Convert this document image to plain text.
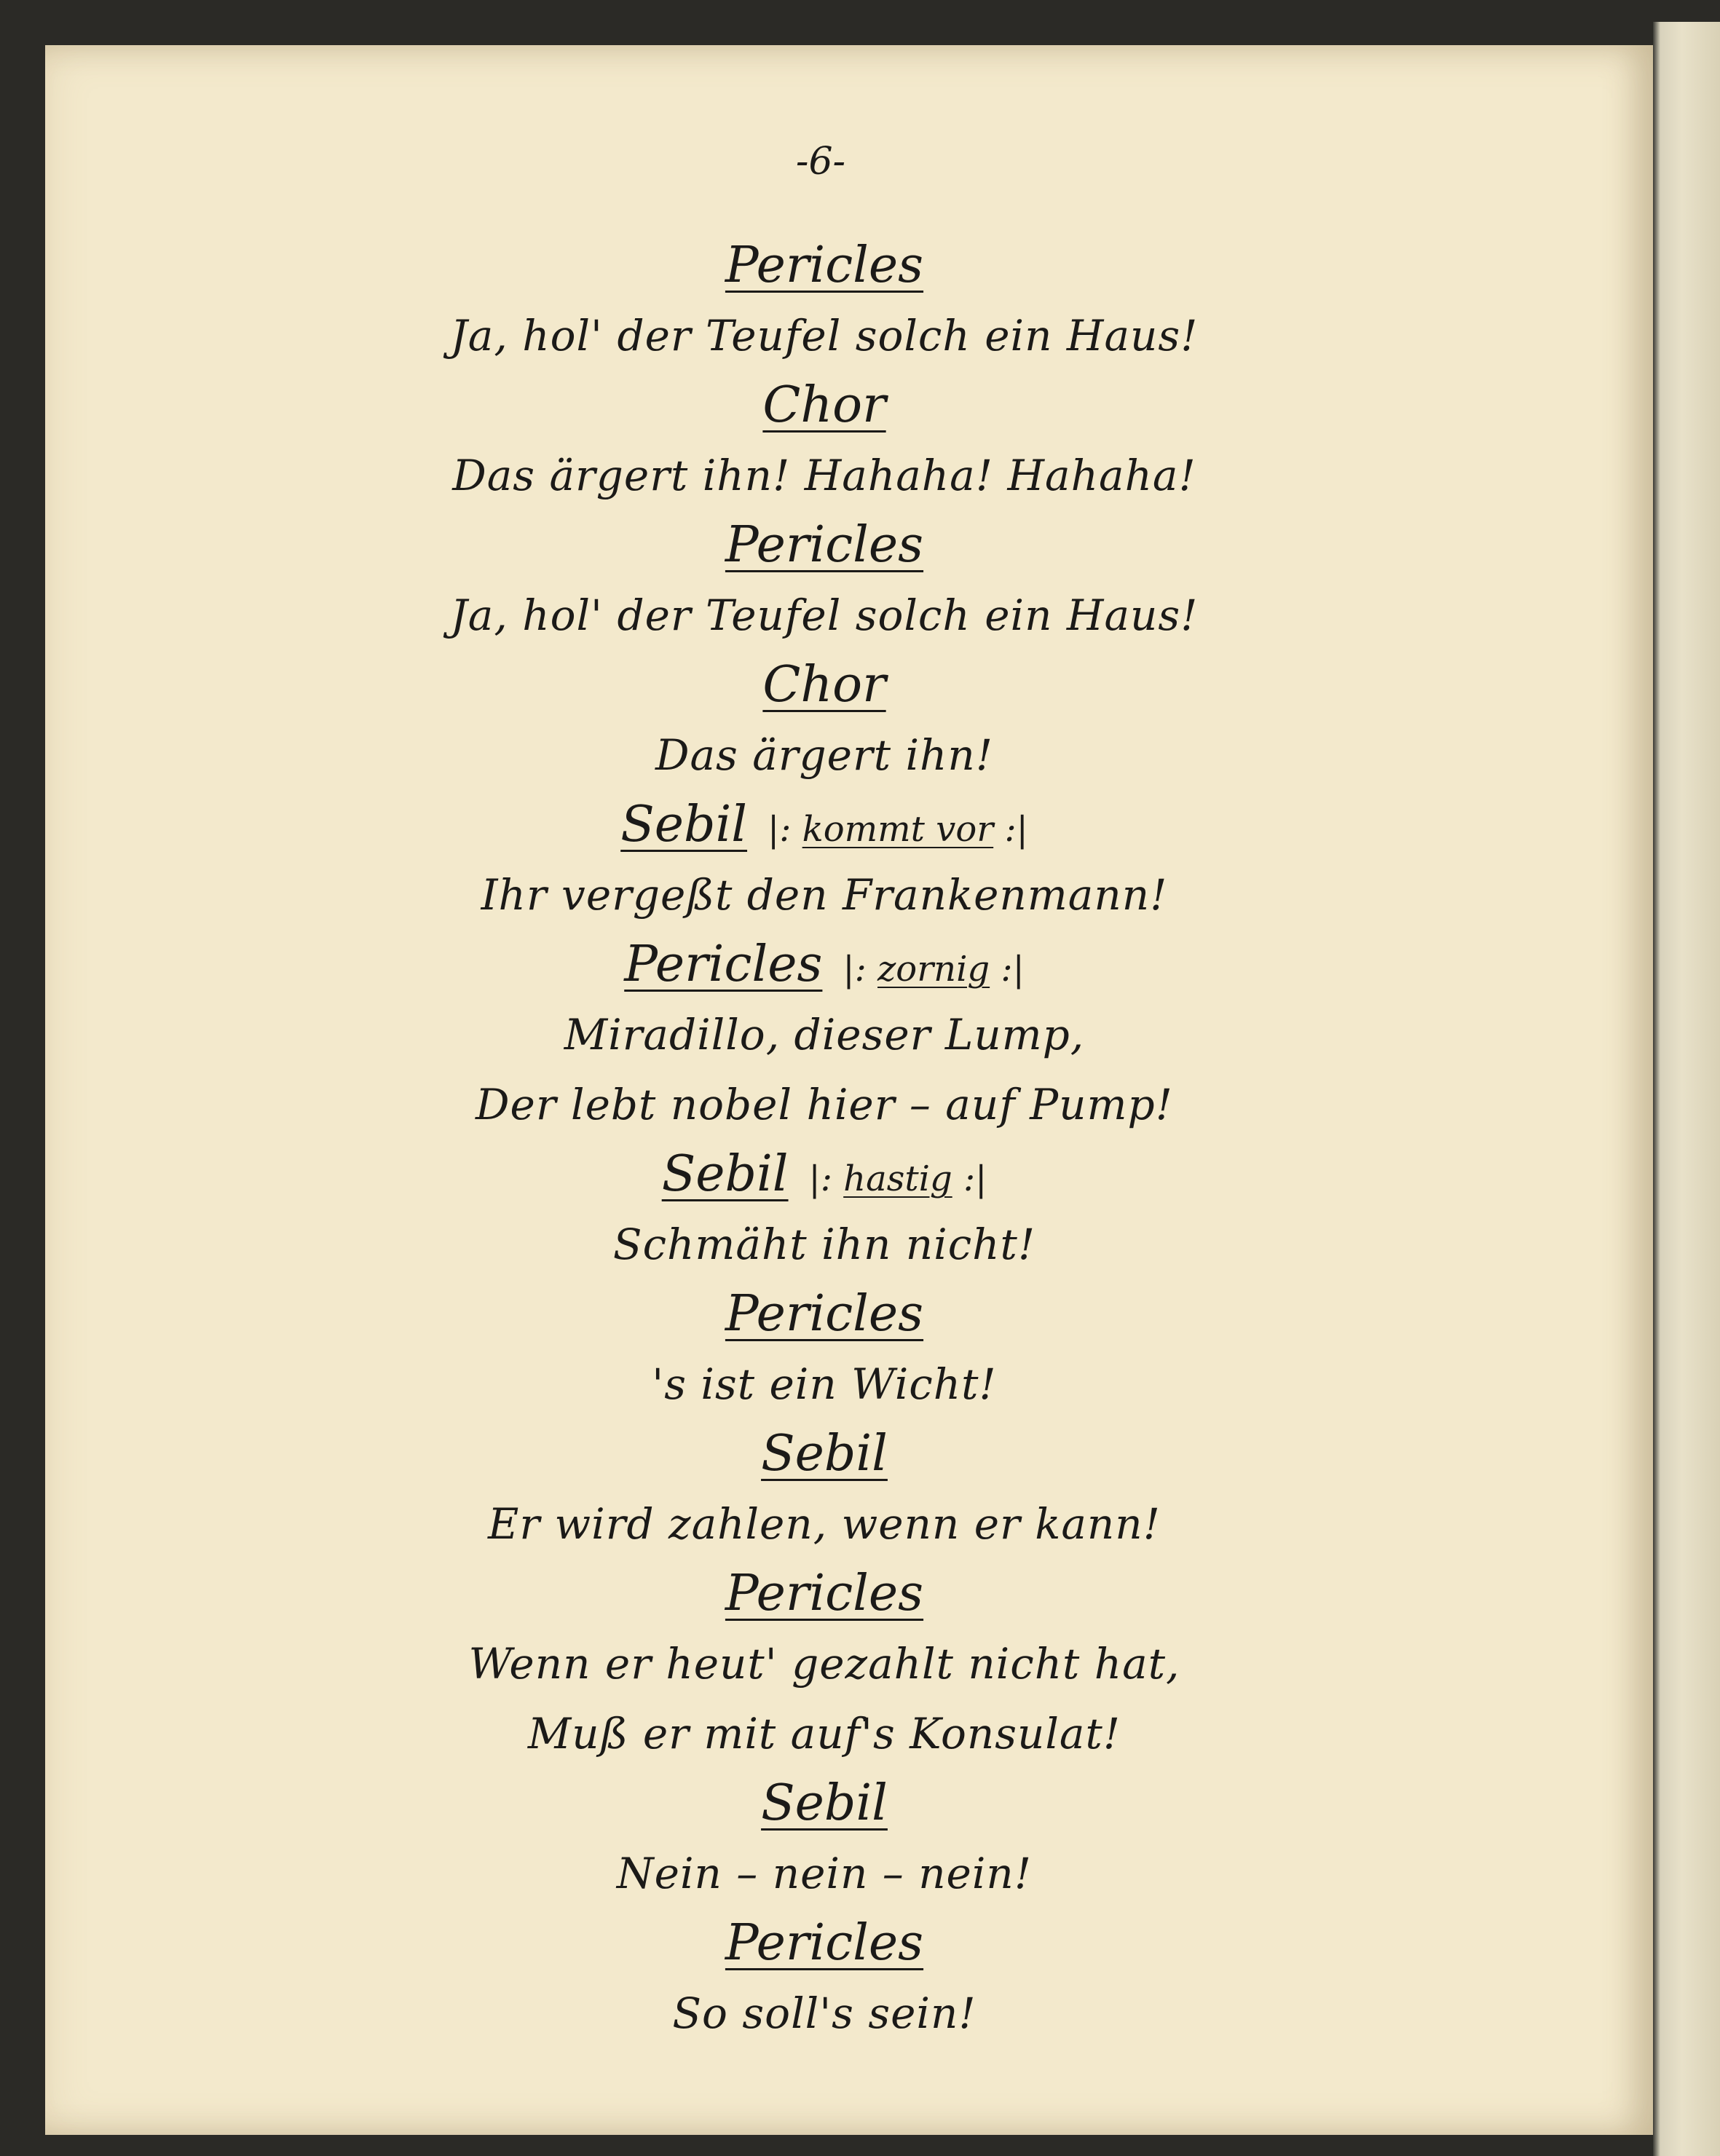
-6-
Pericles
Ja, hol' der Teufel solch ein Haus!
Chor
Das ärgert ihn! Hahaha! Hahaha!
Pericles
Ja, hol' der Teufel solch ein Haus!
Chor
Das ärgert ihn!
Sebil |: kommt vor :|
Ihr vergeßt den Frankenmann!
Pericles |: zornig :|
Miradillo, dieser Lump,
Der lebt nobel hier – auf Pump!
Sebil |: hastig :|
Schmäht ihn nicht!
Pericles
's ist ein Wicht!
Sebil
Er wird zahlen, wenn er kann!
Pericles
Wenn er heut' gezahlt nicht hat,
Muß er mit auf's Konsulat!
Sebil
Nein – nein – nein!
Pericles
So soll's sein!
